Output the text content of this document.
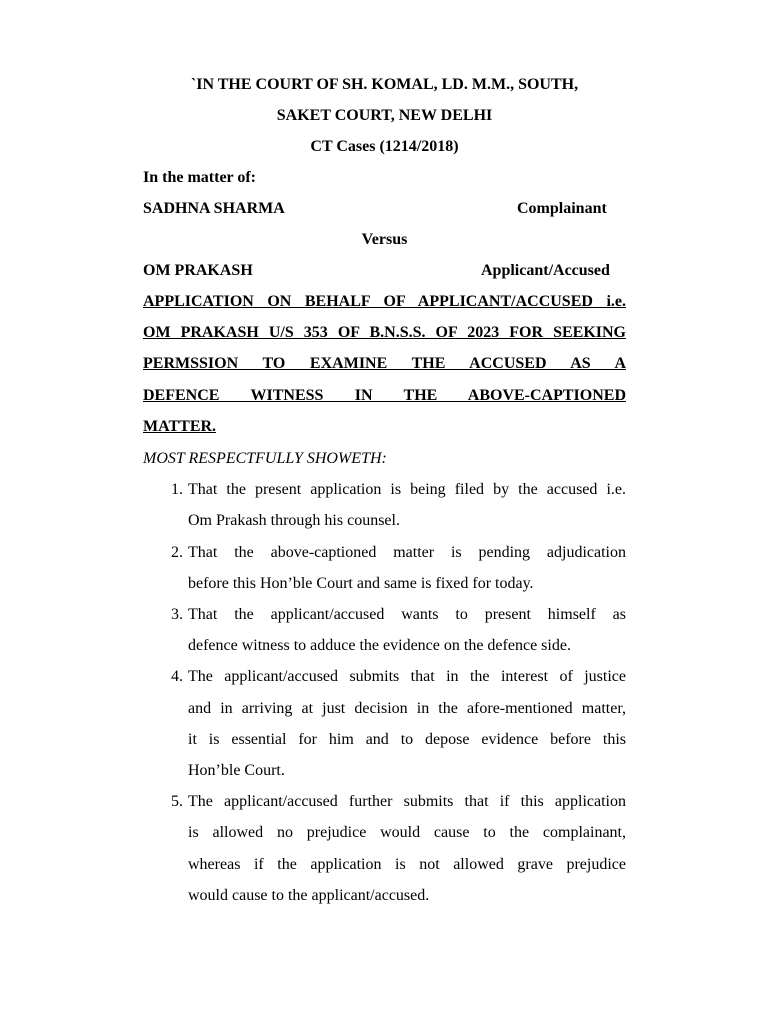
`IN THE COURT OF SH. KOMAL, LD. M.M., SOUTH,
SAKET COURT, NEW DELHI
CT Cases (1214/2018)
In the matter of:
SADHNA SHARMA	Complainant
Versus
OM PRAKASH	Applicant/Accused
APPLICATION ON BEHALF OF APPLICANT/ACCUSED i.e.
OM PRAKASH U/S 353 OF B.N.S.S. OF 2023 FOR SEEKING
PERMSSION TO EXAMINE THE ACCUSED AS A
DEFENCE WITNESS IN THE ABOVE-CAPTIONED
MATTER.
MOST RESPECTFULLY SHOWETH:
1. That the present application is being filed by the accused i.e.
Om Prakash through his counsel.
2. That the above-captioned matter is pending adjudication
before this Hon’ble Court and same is fixed for today.
3. That the applicant/accused wants to present himself as
defence witness to adduce the evidence on the defence side.
4. The applicant/accused submits that in the interest of justice
and in arriving at just decision in the afore-mentioned matter,
it is essential for him and to depose evidence before this
Hon’ble Court.
5. The applicant/accused further submits that if this application
is allowed no prejudice would cause to the complainant,
whereas if the application is not allowed grave prejudice
would cause to the applicant/accused.
